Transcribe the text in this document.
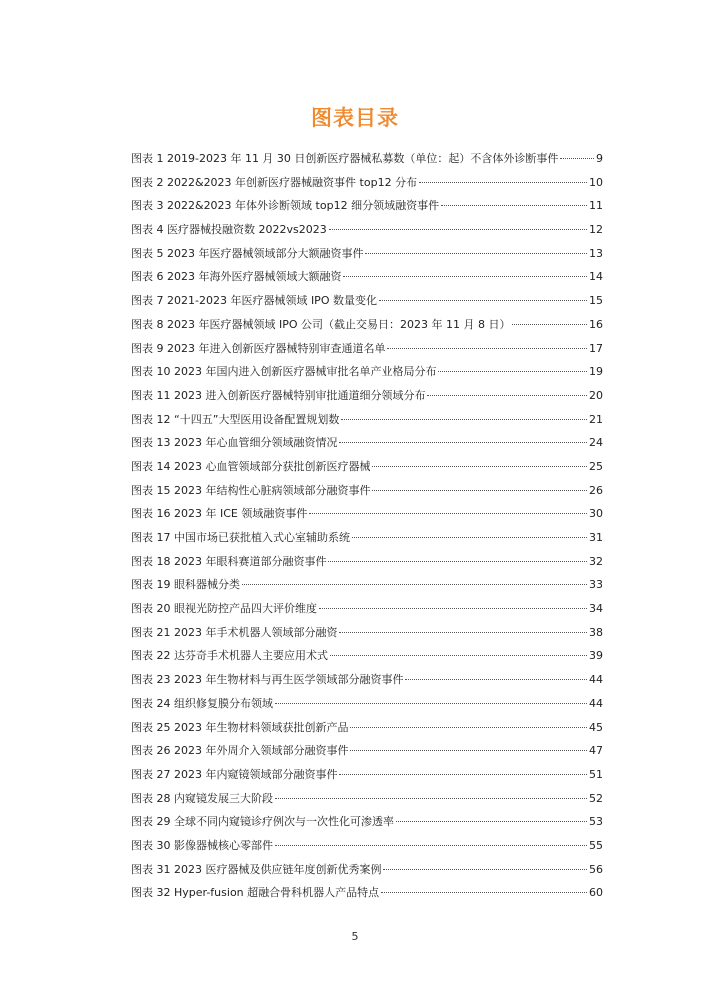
图表目录
图表 1 2019-2023 年 11 月 30 日创新医疗器械私募数（单位：起）不含体外诊断事件	9
图表 2 2022&2023 年创新医疗器械融资事件 top12 分布	10
图表 3 2022&2023 年体外诊断领域 top12 细分领域融资事件	11
图表 4 医疗器械投融资数 2022vs2023	12
图表 5 2023 年医疗器械领域部分大额融资事件	13
图表 6 2023 年海外医疗器械领域大额融资	14
图表 7 2021-2023 年医疗器械领域 IPO 数量变化	15
图表 8 2023 年医疗器械领域 IPO 公司（截止交易日：2023 年 11 月 8 日）	16
图表 9 2023 年进入创新医疗器械特别审查通道名单	17
图表 10 2023 年国内进入创新医疗器械审批名单产业格局分布	19
图表 11 2023 进入创新医疗器械特别审批通道细分领域分布	20
图表 12 “十四五”大型医用设备配置规划数	21
图表 13 2023 年心血管细分领域融资情况	24
图表 14 2023 心血管领域部分获批创新医疗器械	25
图表 15 2023 年结构性心脏病领域部分融资事件	26
图表 16 2023 年 ICE 领域融资事件	30
图表 17 中国市场已获批植入式心室辅助系统	31
图表 18 2023 年眼科赛道部分融资事件	32
图表 19 眼科器械分类	33
图表 20 眼视光防控产品四大评价维度	34
图表 21 2023 年手术机器人领域部分融资	38
图表 22 达芬奇手术机器人主要应用术式	39
图表 23 2023 年生物材料与再生医学领域部分融资事件	44
图表 24 组织修复膜分布领域	44
图表 25 2023 年生物材料领域获批创新产品	45
图表 26 2023 年外周介入领域部分融资事件	47
图表 27 2023 年内窥镜领域部分融资事件	51
图表 28 内窥镜发展三大阶段	52
图表 29 全球不同内窥镜诊疗例次与一次性化可渗透率	53
图表 30 影像器械核心零部件	55
图表 31 2023 医疗器械及供应链年度创新优秀案例	56
图表 32 Hyper-fusion 超融合骨科机器人产品特点	60
5
